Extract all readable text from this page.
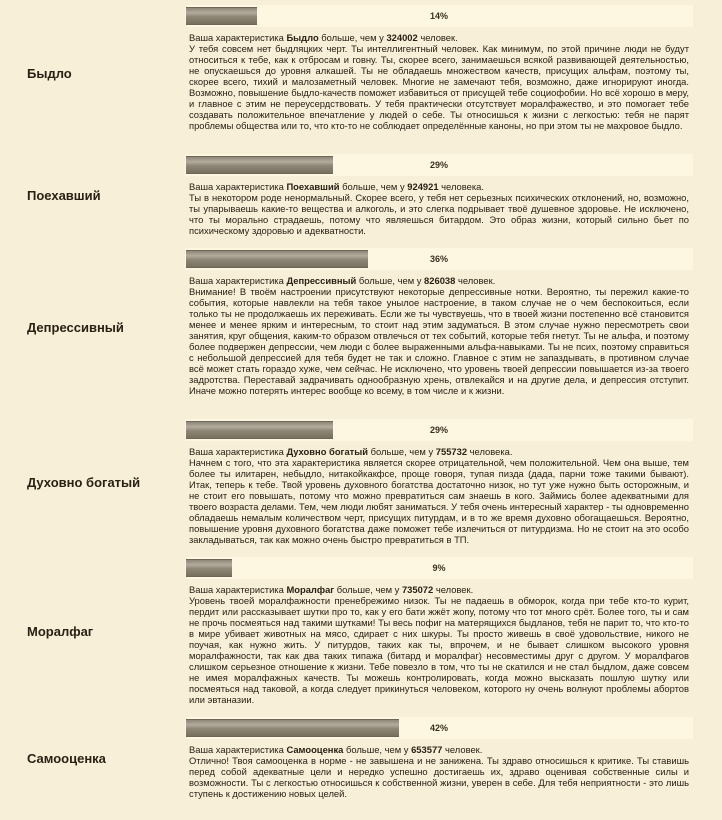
Быдло
14%
Ваша характеристика Быдло больше, чем у 324002 человек.
У тебя совсем нет быдляцких черт. Ты интеллигентный человек. Как минимум, по этой причине люди не будут относиться к тебе, как к отбросам и говну. Ты, скорее всего, занимаешься всякой развивающей деятельностью, не опускаешься до уровня алкашей. Ты не обладаешь множеством качеств, присущих альфам, поэтому ты, скорее всего, тихий и малозаметный человек. Многие не замечают тебя, возможно, даже игнорируют иногда. Возможно, повышение быдло-качеств поможет избавиться от присущей тебе социофобии. Но всё хорошо в меру, и главное с этим не переусердствовать. У тебя практически отсутствует моралфажество, и это помогает тебе создавать положительное впечатление у людей о себе. Ты относишься к жизни с легкостью: тебя не парят проблемы общества или то, что кто-то не соблюдает определённые каноны, но при этом ты не махровое быдло.
Поехавший
29%
Ваша характеристика Поехавший больше, чем у 924921 человека.
Ты в некотором роде ненормальный. Скорее всего, у тебя нет серьезных психических отклонений, но, возможно, ты упарываешь какие-то вещества и алкоголь, и это слегка подрывает твоё душевное здоровье. Не исключено, что ты морально страдаешь, потому что являешься битардом. Это образ жизни, который сильно бьет по психическому здоровью и адекватности.
Депрессивный
36%
Ваша характеристика Депрессивный больше, чем у 826038 человек.
Внимание! В твоём настроении присутствуют некоторые депрессивные нотки. Вероятно, ты пережил какие-то события, которые навлекли на тебя такое унылое настроение, в таком случае не о чем беспокоиться, если только ты не продолжаешь их переживать. Если же ты чувствуешь, что в твоей жизни постепенно всё становится менее и менее ярким и интересным, то стоит над этим задуматься. В этом случае нужно пересмотреть свои занятия, круг общения, каким-то образом отвлечься от тех событий, которые тебя гнетут. Ты не альфа, и поэтому более подвержен депрессии, чем люди с более выраженными альфа-навыками. Ты не псих, поэтому справиться с небольшой депрессией для тебя будет не так и сложно. Главное с этим не запаздывать, в противном случае всё может стать гораздо хуже, чем сейчас. Не исключено, что уровень твоей депрессии повышается из-за твоего задротства. Переставай задрачивать однообразную хрень, отвлекайся и на другие дела, и депрессия отступит. Иначе можно потерять интерес вообще ко всему, в том числе и к жизни.
Духовно богатый
29%
Ваша характеристика Духовно богатый больше, чем у 755732 человека.
Начнем с того, что эта характеристика является скорее отрицательной, чем положительной. Чем она выше, тем более ты илитарен, небыдло, нитакойкакфсе, проще говоря, тупая пизда (дада, парни тоже такими бывают). Итак, теперь к тебе. Твой уровень духовного богатства достаточно низок, но тут уже нужно быть осторожным, и не стоит его повышать, потому что можно превратиться сам знаешь в кого. Займись более адекватными для твоего возраста делами. Тем, чем люди любят заниматься. У тебя очень интересный характер - ты одновременно обладаешь немалым количеством черт, присущих питурдам, и в то же время духовно обогащаешься. Вероятно, повышение уровня духовного богатства даже поможет тебе излечиться от питурдизма. Но не стоит на это особо закладываться, так как можно очень быстро превратиться в ТП.
Моралфаг
9%
Ваша характеристика Моралфаг больше, чем у 735072 человек.
Уровень твоей моралфажности пренебрежимо низок. Ты не падаешь в обморок, когда при тебе кто-то курит, пердит или рассказывает шутки про то, как у его бати жжёт жопу, потому что тот много срёт. Более того, ты и сам не прочь посмеяться над такими шутками! Ты весь пофиг на матерящихся быдланов, тебя не парит то, что кто-то в мире убивает животных на мясо, сдирает с них шкуры. Ты просто живешь в своё удовольствие, никого не поучая, как нужно жить. У питурдов, таких как ты, впрочем, и не бывает слишком высокого уровня моралфажности, так как два таких типажа (битард и моралфаг) несовместимы друг с другом. У моралфагов слишком серьезное отношение к жизни. Тебе повезло в том, что ты не скатился и не стал быдлом, даже совсем не имея моралфажных качеств. Ты можешь контролировать, когда можно высказать пошлую шутку или посмеяться над таковой, а когда следует прикинуться человеком, которого ну очень волнуют проблемы абортов или эвтаназии.
Самооценка
42%
Ваша характеристика Самооценка больше, чем у 653577 человек.
Отлично! Твоя самооценка в норме - не завышена и не занижена. Ты здраво относишься к критике. Ты ставишь перед собой адекватные цели и нередко успешно достигаешь их, здраво оценивая собственные силы и возможности. Ты с легкостью относишься к собственной жизни, уверен в себе. Для тебя неприятности - это лишь ступень к достижению новых целей.
